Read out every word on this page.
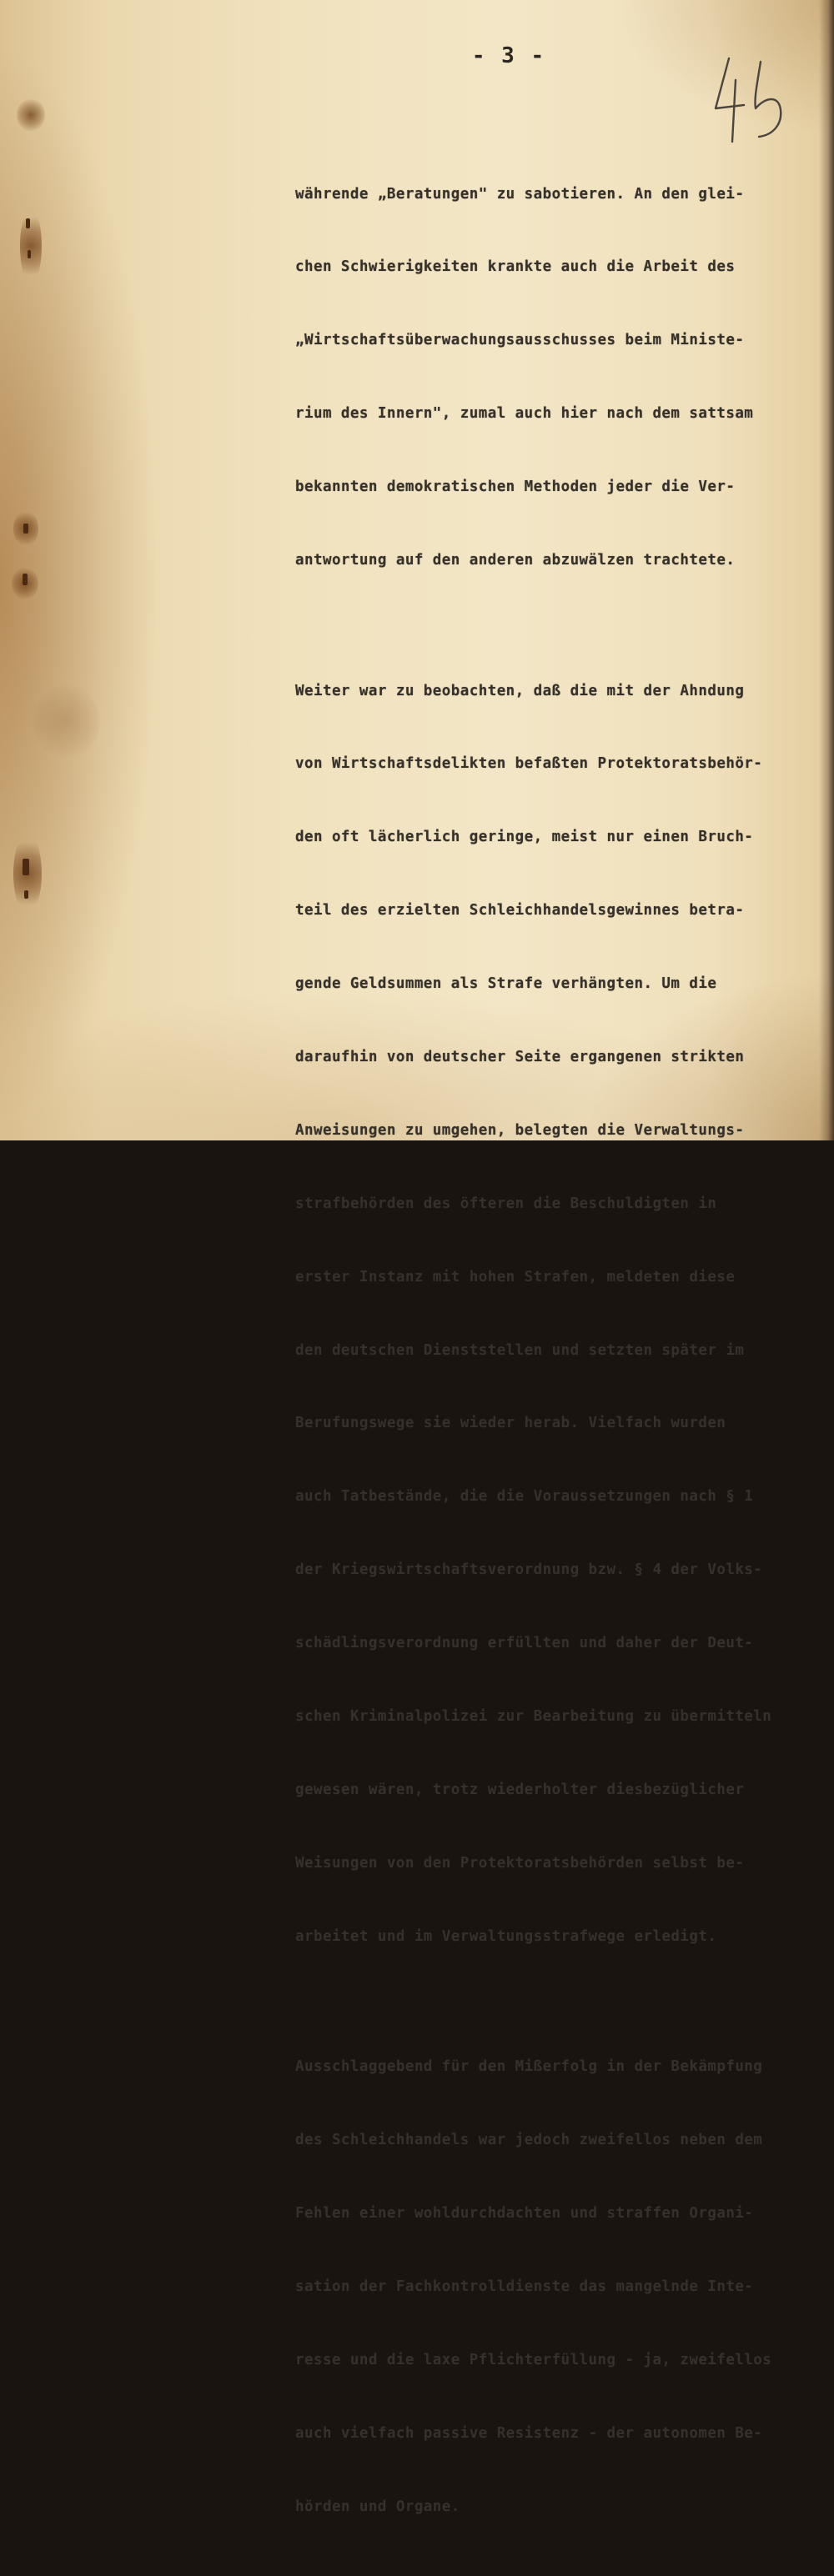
- 3 -

währende „Beratungen" zu sabotieren. An den glei-

chen Schwierigkeiten krankte auch die Arbeit des

„Wirtschaftsüberwachungsausschusses beim Ministe-

rium des Innern", zumal auch hier nach dem sattsam

bekannten demokratischen Methoden jeder die Ver-

antwortung auf den anderen abzuwälzen trachtete.

Weiter war zu beobachten, daß die mit der Ahndung

von Wirtschaftsdelikten befaßten Protektoratsbehör-

den oft lächerlich geringe, meist nur einen Bruch-

teil des erzielten Schleichhandelsgewinnes betra-

gende Geldsummen als Strafe verhängten. Um die

daraufhin von deutscher Seite ergangenen strikten

Anweisungen zu umgehen, belegten die Verwaltungs-

strafbehörden des öfteren die Beschuldigten in

erster Instanz mit hohen Strafen, meldeten diese

den deutschen Dienststellen und setzten später im

Berufungswege sie wieder herab. Vielfach wurden

auch Tatbestände, die die Voraussetzungen nach § 1

der Kriegswirtschaftsverordnung bzw. § 4 der Volks-

schädlingsverordnung erfüllten und daher der Deut-

schen Kriminalpolizei zur Bearbeitung zu übermitteln

gewesen wären, trotz wiederholter diesbezüglicher

Weisungen von den Protektoratsbehörden selbst be-

arbeitet und im Verwaltungsstrafwege erledigt.

Ausschlaggebend für den Mißerfolg in der Bekämpfung

des Schleichhandels war jedoch zweifellos neben dem

Fehlen einer wohldurchdachten und straffen Organi-

sation der Fachkontrolldienste das mangelnde Inte-

resse und die laxe Pflichterfüllung - ja, zweifellos

auch vielfach passive Resistenz - der autonomen Be-

hörden und Organe.
